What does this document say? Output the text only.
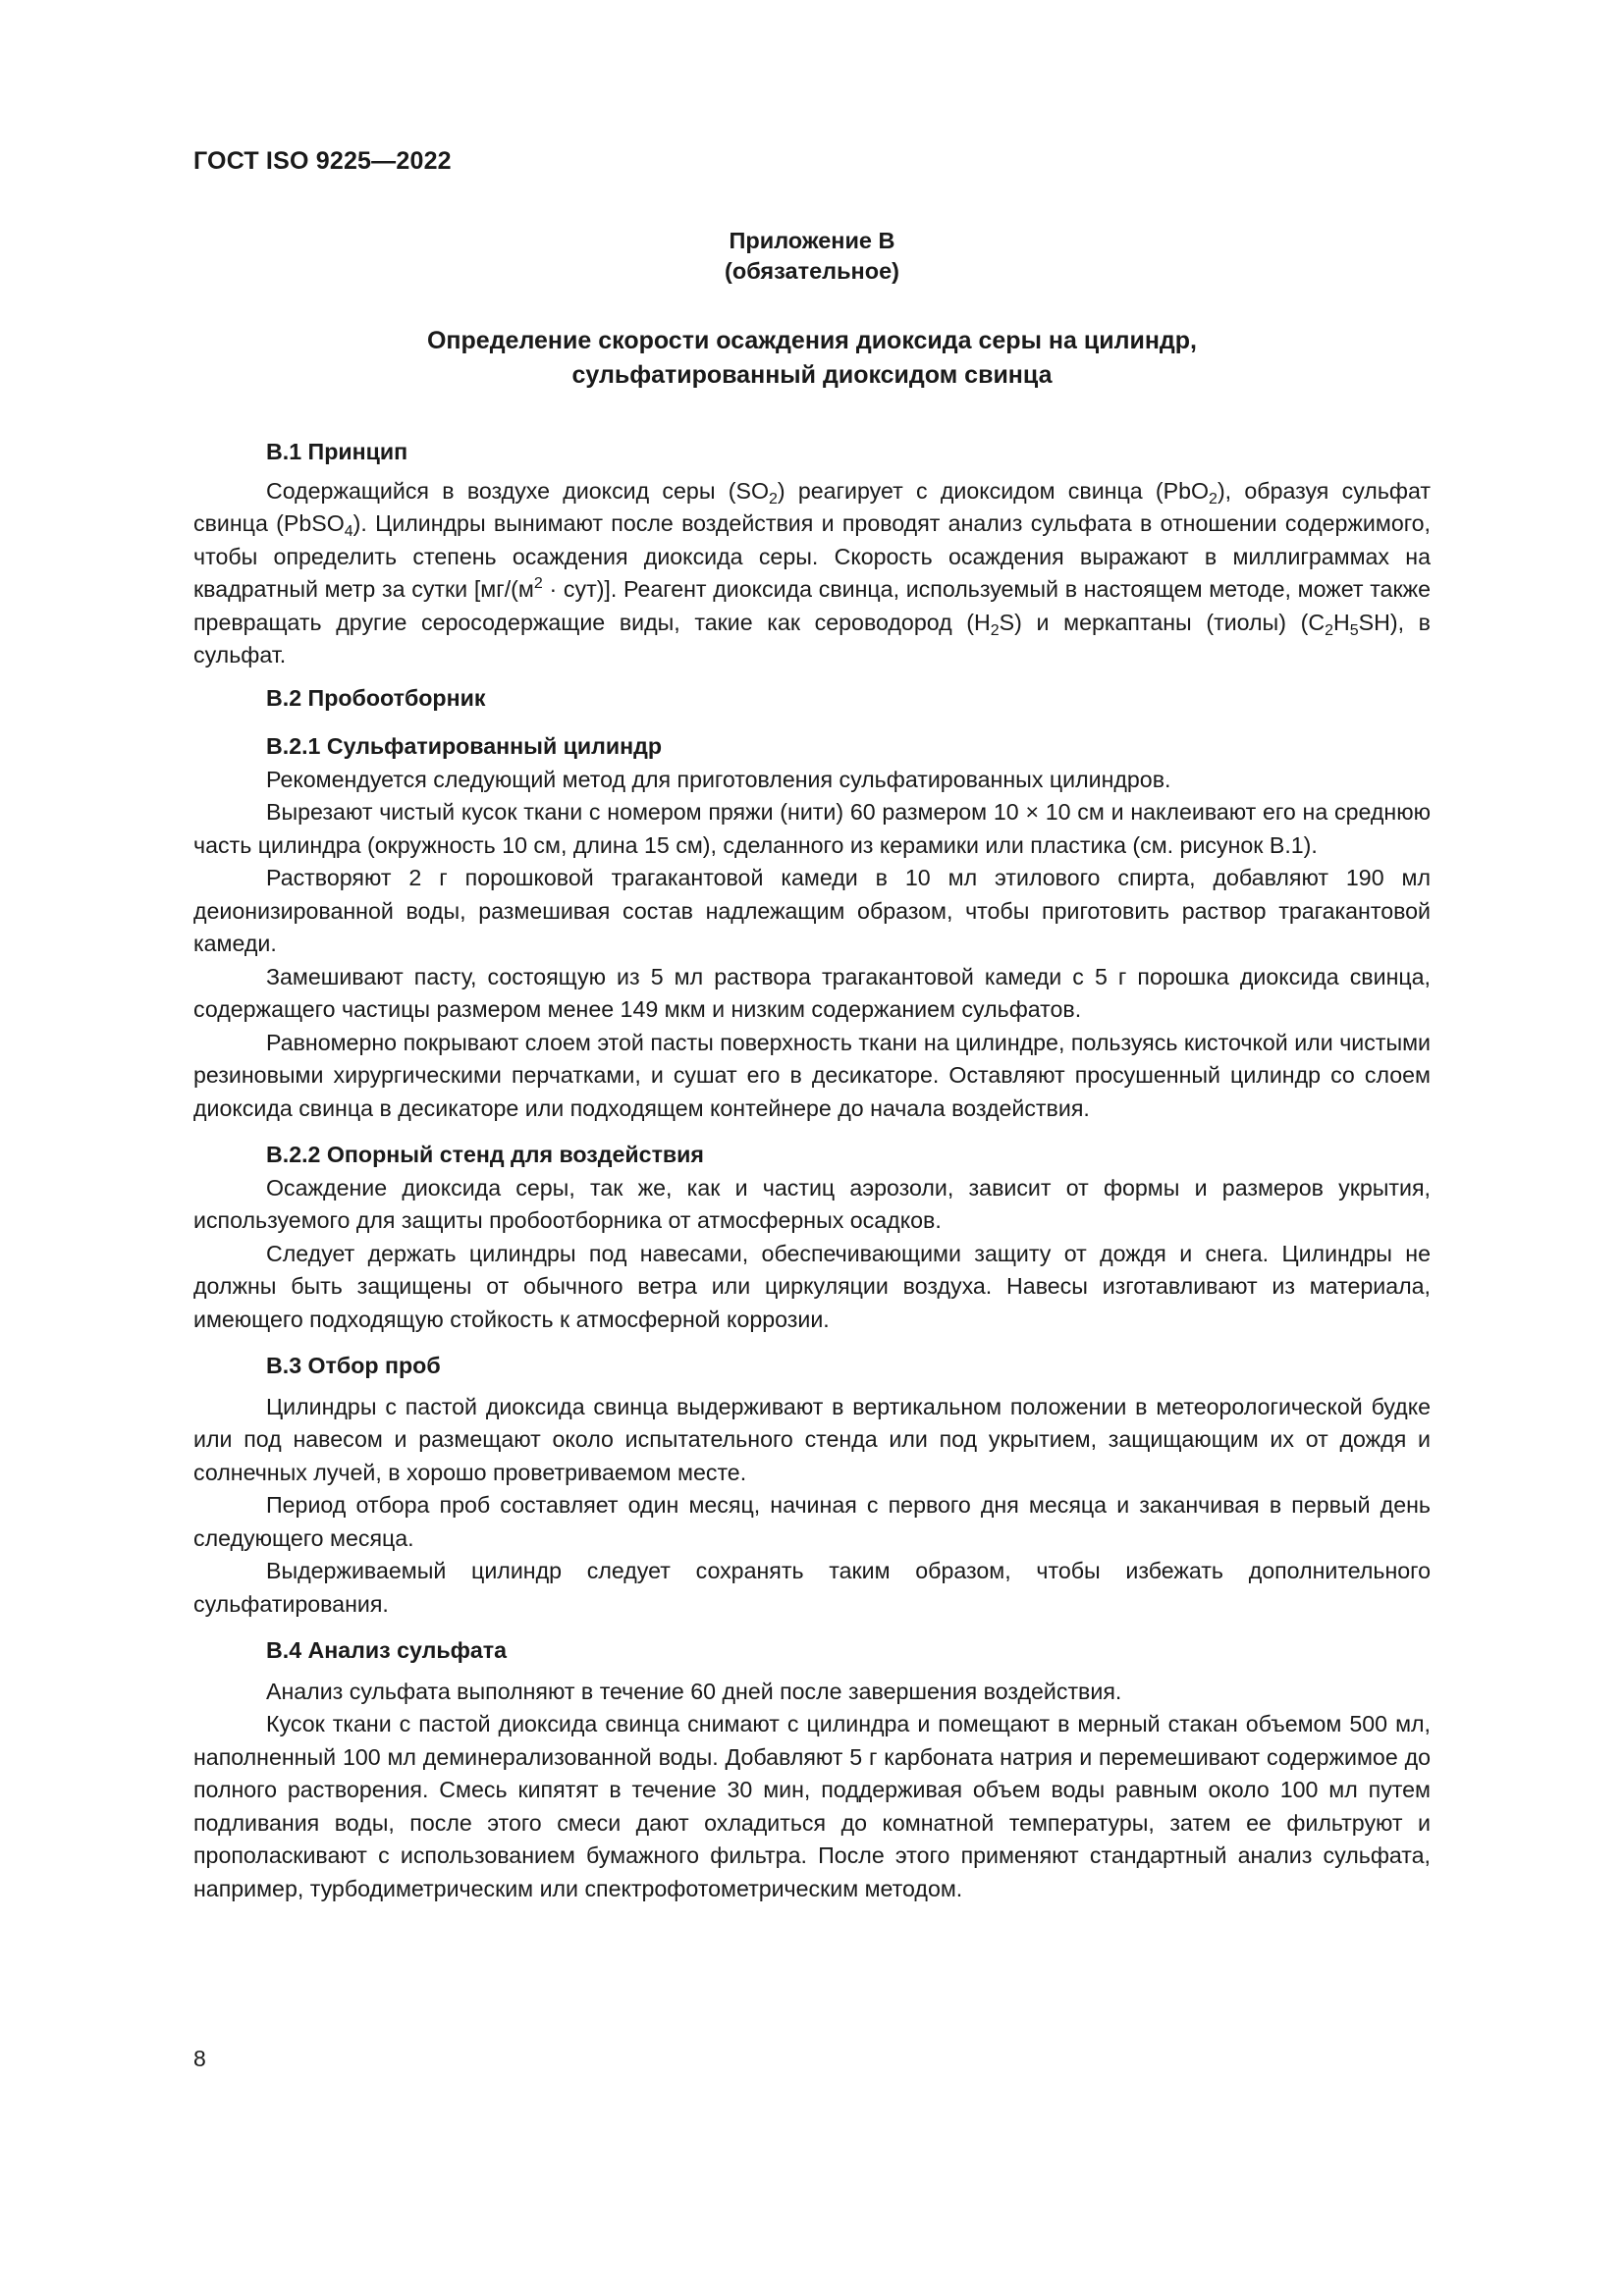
ГОСТ ISO 9225—2022
Приложение B
(обязательное)
Определение скорости осаждения диоксида серы на цилиндр,
сульфатированный диоксидом свинца
B.1 Принцип

Содержащийся в воздухе диоксид серы $(SO_2)$ реагирует с диоксидом свинца (PbO$_2$), образуя сульфат свинца (PbSO$_4$). Цилиндры вынимают после воздействия и проводят анализ сульфата в отношении содержимого, чтобы определить степень осаждения диоксида серы. Скорость осаждения выражают в миллиграммах на квадратный метр за сутки $[мг/(м^2 \cdot сут)]$. Реагент диоксида свинца, используемый в настоящем методе, может также превращать другие серосодержащие виды, такие как сероводород $(H_2S)$ и меркаптаны (тиолы) $(C_2H_5SH)$, в сульфат.

B.2 Пробоотборник
B.2.1 Сульфатированный цилиндр

Рекомендуется следующий метод для приготовления сульфатированных цилиндров.

Вырезают чистый кусок ткани с номером пряжи (нити) 60 размером 10 × 10 см и наклеивают его на среднюю часть цилиндра (окружность 10 см, длина 15 см), сделанного из керамики или пластика (см. рисунок B.1).

Растворяют 2 г порошковой трагакантовой камеди в 10 мл этилового спирта, добавляют 190 мл деионизированной воды, размешивая состав надлежащим образом, чтобы приготовить раствор трагакантовой камеди.

Замешивают пасту, состоящую из 5 мл раствора трагакантовой камеди с 5 г порошка диоксида свинца, содержащего частицы размером менее 149 мкм и низким содержанием сульфатов.

Равномерно покрывают слоем этой пасты поверхность ткани на цилиндре, пользуясь кисточкой или чистыми резиновыми хирургическими перчатками, и сушат его в десикаторе. Оставляют просушенный цилиндр со слоем диоксида свинца в десикаторе или подходящем контейнере до начала воздействия.

B.2.2 Опорный стенд для воздействия

Осаждение диоксида серы, так же, как и частиц аэрозоли, зависит от формы и размеров укрытия, используемого для защиты пробоотборника от атмосферных осадков.

Следует держать цилиндры под навесами, обеспечивающими защиту от дождя и снега. Цилиндры не должны быть защищены от обычного ветра или циркуляции воздуха. Навесы изготавливают из материала, имеющего подходящую стойкость к атмосферной коррозии.

B.3 Отбор проб

Цилиндры с пастой диоксида свинца выдерживают в вертикальном положении в метеорологической будке или под навесом и размещают около испытательного стенда или под укрытием, защищающим их от дождя и солнечных лучей, в хорошо проветриваемом месте.

Период отбора проб составляет один месяц, начиная с первого дня месяца и заканчивая в первый день следующего месяца.

Выдерживаемый цилиндр следует сохранять таким образом, чтобы избежать дополнительного сульфатирования.

B.4 Анализ сульфата

Анализ сульфата выполняют в течение 60 дней после завершения воздействия.

Кусок ткани с пастой диоксида свинца снимают с цилиндра и помещают в мерный стакан объемом 500 мл, наполненный 100 мл деминерализованной воды. Добавляют 5 г карбоната натрия и перемешивают содержимое до полного растворения. Смесь кипятят в течение 30 мин, поддерживая объем воды равным около 100 мл путем подливания воды, после этого смеси дают охладиться до комнатной температуры, затем ее фильтруют и прополаскивают с использованием бумажного фильтра. После этого применяют стандартный анализ сульфата, например, турбодиметрическим или спектрофотометрическим методом.

8
